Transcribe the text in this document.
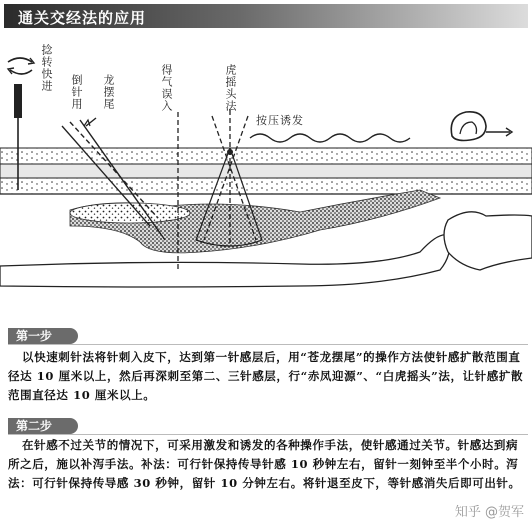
通关交经法的应用
捻转快进 倒针用 龙摆尾	得气误入	虎摇头法
按压诱发
第一步
以快速刺针法将针刺入皮下，达到第一针感层后，用“苍龙摆尾”的操作方法使针感扩散范围直径达 10 厘米以上，然后再深刺至第二、三针感层，行“赤凤迎源”、“白虎摇头”法，让针感扩散范围直径达 10 厘米以上。
第二步
在针感不过关节的情况下，可采用激发和诱发的各种操作手法，使针感通过关节。针感达到病所之后，施以补泻手法。补法：可行针保持传导针感 10 秒钟左右，留针一刻钟至半个小时。泻法：可行针保持传导感 30 秒钟，留针 10 分钟左右。将针退至皮下，等针感消失后即可出针。
知乎 @贺军
